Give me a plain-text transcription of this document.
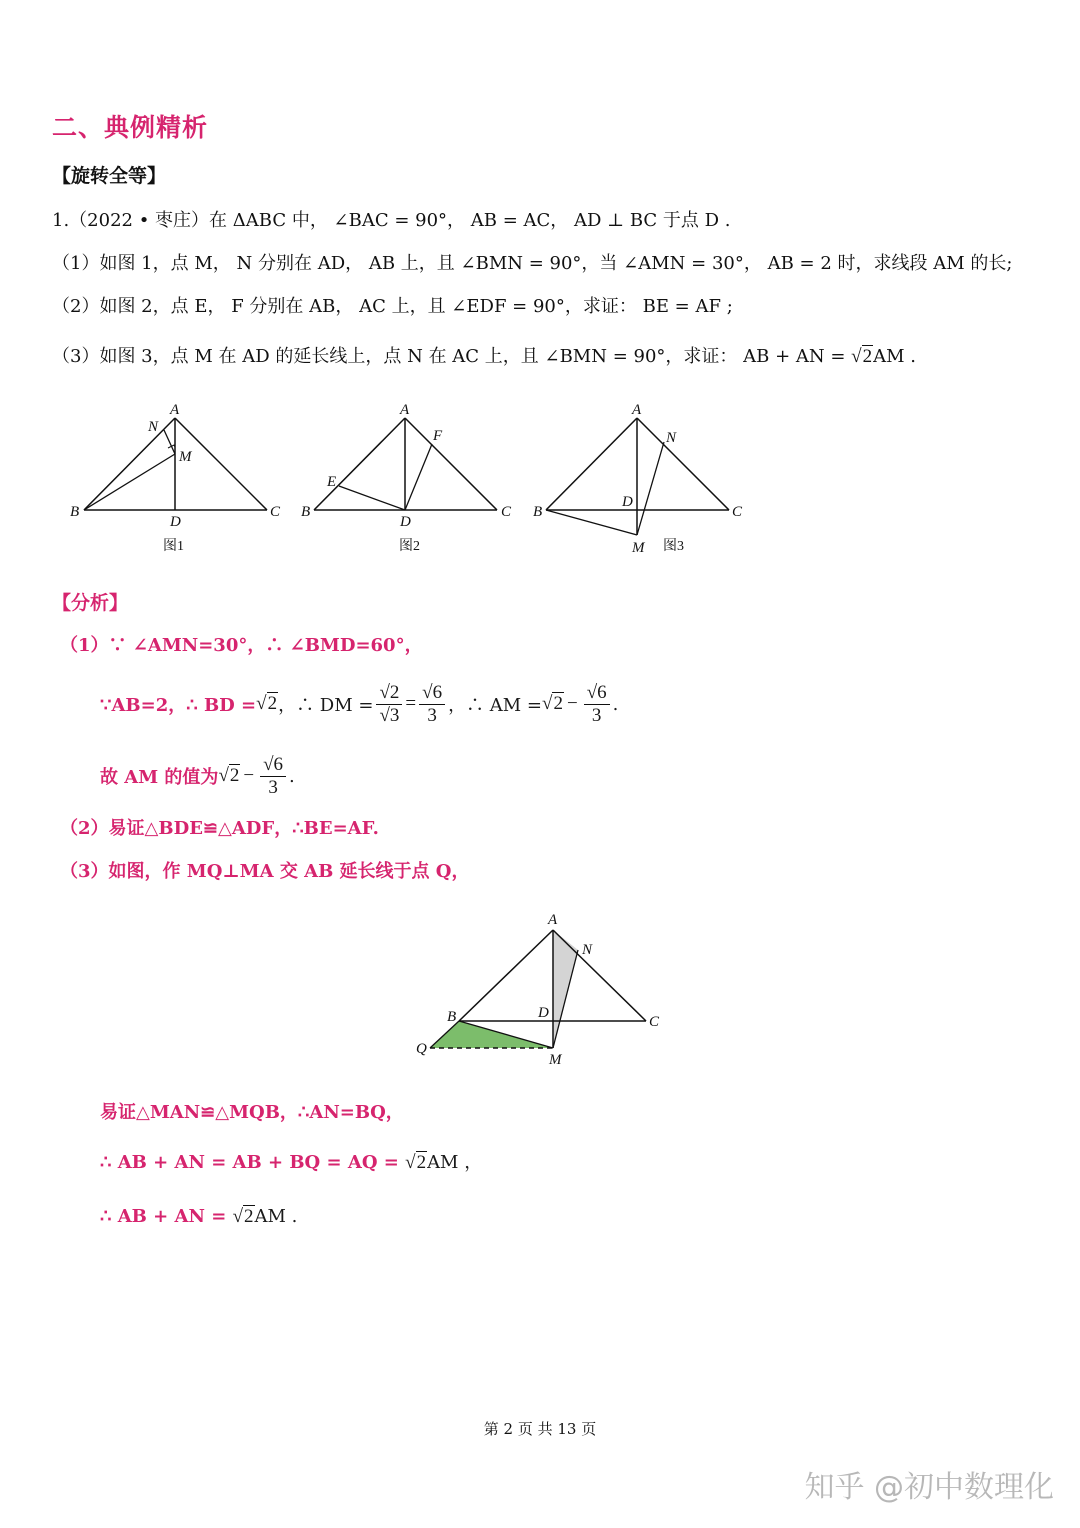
二、典例精析
【旋转全等】
1.（2022 • 枣庄）在 ΔABC 中， ∠BAC = 90°， AB = AC， AD ⊥ BC 于点 D .
（1）如图 1，点 M， N 分别在 AD， AB 上，且 ∠BMN = 90°，当 ∠AMN = 30°， AB = 2 时，求线段 AM 的长;
（2）如图 2，点 E， F 分别在 AB， AC 上，且 ∠EDF = 90°，求证： BE = AF ;
（3）如图 3，点 M 在 AD 的延长线上，点 N 在 AC 上，且 ∠BMN = 90°，求证： AB + AN = √2AM .
A
N
M
B
D
C
图1
A
F
E
B
D
C
图2
A
N
D
B	C
M 图3
【分析】
（1）∵ ∠AMN=30°，∴ ∠BMD=60°，
∵AB=2，∴ BD = √2 ，∴ DM = $\frac{√2}{√3} = \frac{√6}{3}$ ，∴ AM = $√2 - \frac{√6}{3}$ .
故 AM 的值为 $√2 - \frac{√6}{3}$ .
（2）易证△BDE≌△ADF，∴BE=AF.
（3）如图，作 MQ⊥MA 交 AB 延长线于点 Q，
A
N
D
B	C
Q
M
易证△MAN≌△MQB，∴AN=BQ，
∴ AB + AN = AB + BQ = AQ = √2AM ，
∴ AB + AN = √2AM .
第 2 页 共 13 页
知乎 @初中数理化
